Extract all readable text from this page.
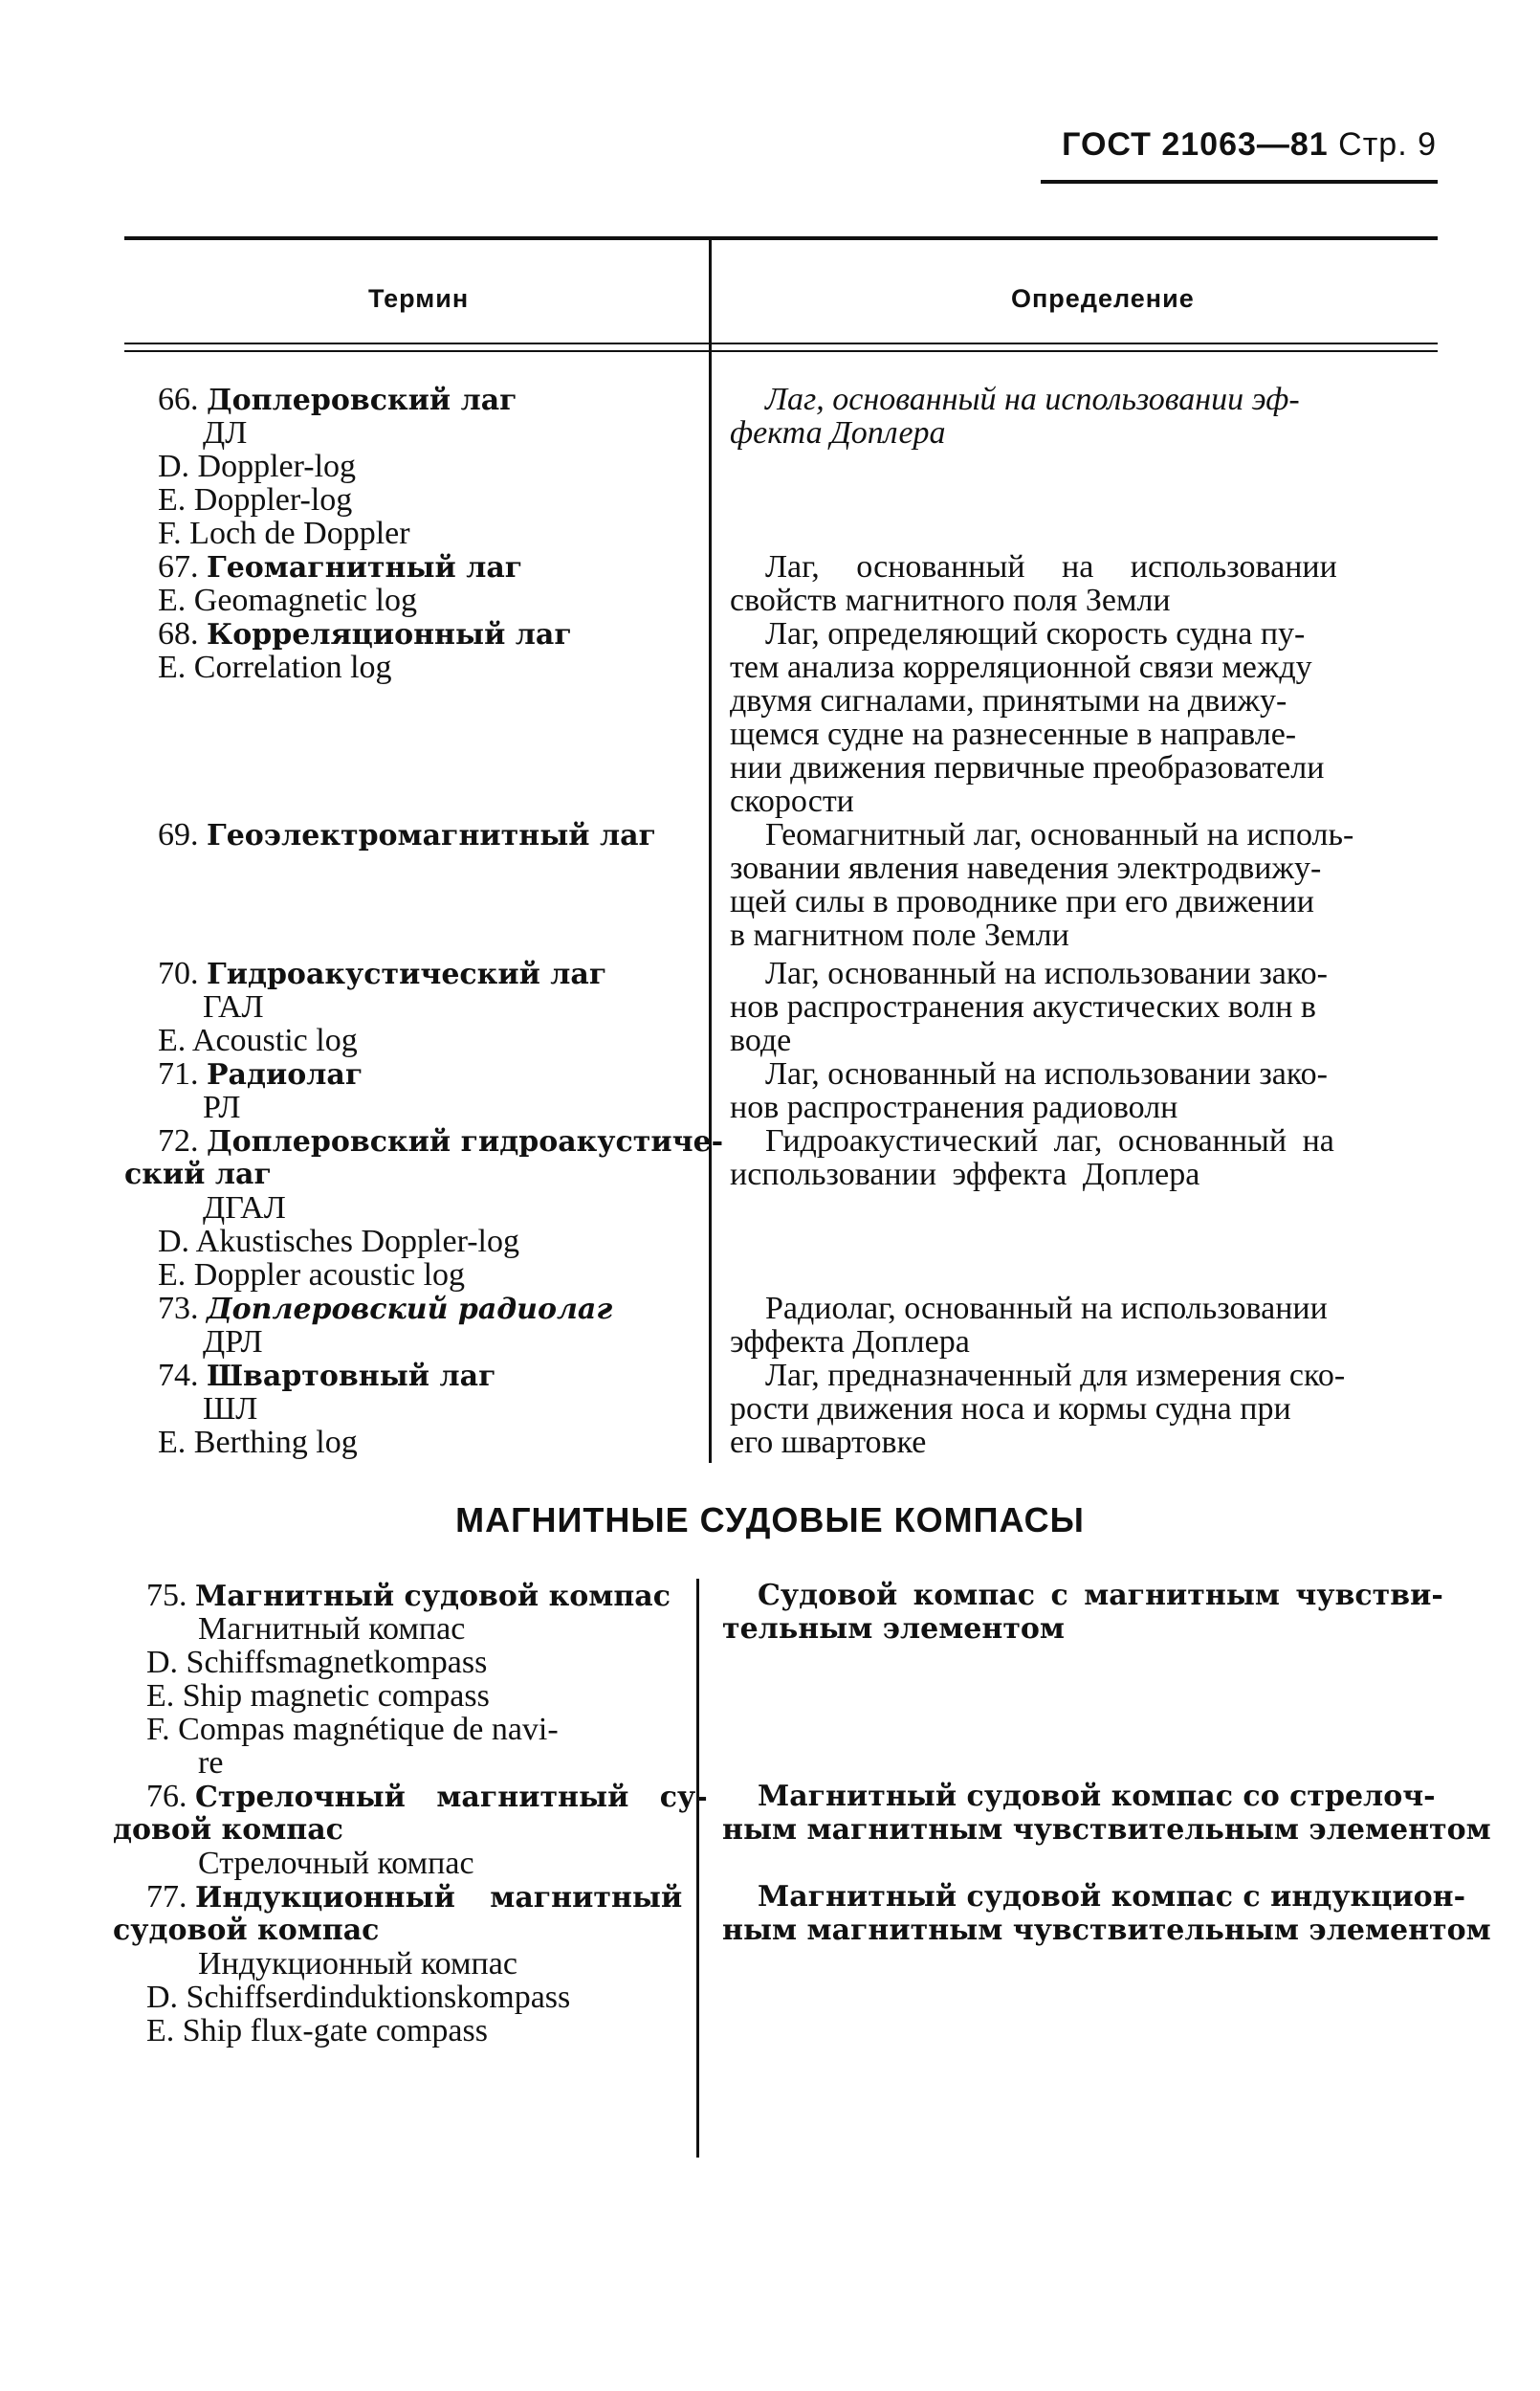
ГОСТ 21063—81 Стр. 9
Термин	Определение
66. Доплеровский лаг
ДЛ
D. Doppler-log
E. Doppler-log
F. Loch de Doppler
67. Геомагнитный лаг
E. Geomagnetic log
68. Корреляционный лаг
E. Correlation log
69. Геоэлектромагнитный лаг
70. Гидроакустический лаг
ГАЛ
E. Acoustic log
71. Радиолаг
РЛ
72. Доплеровский гидроакустиче-
ский лаг
ДГАЛ
D. Akustisches Doppler-log
E. Doppler acoustic log
73. Доплеровский радиолаг
ДРЛ
74. Швартовный лаг
ШЛ
E. Berthing log
Лаг, основанный на использовании эф-
фекта Доплера
Лаг, основанный на использовании
свойств магнитного поля Земли
Лаг, определяющий скорость судна пу-
тем анализа корреляционной связи между
двумя сигналами, принятыми на движу-
щемся судне на разнесенные в направле-
нии движения первичные преобразователи
скорости
Геомагнитный лаг, основанный на исполь-
зовании явления наведения электродвижу-
щей силы в проводнике при его движении
в магнитном поле Земли
Лаг, основанный на использовании зако-
нов распространения акустических волн в
воде
Лаг, основанный на использовании зако-
нов распространения радиоволн
Гидроакустический лаг, основанный на
использовании эффекта Доплера
Радиолаг, основанный на использовании
эффекта Доплера
Лаг, предназначенный для измерения ско-
рости движения носа и кормы судна при
его швартовке
МАГНИТНЫЕ СУДОВЫЕ КОМПАСЫ
75. Магнитный судовой компас
Магнитный компас
D. Schiffsmagnetkompass
E. Ship magnetic compass
F. Compas magnétique de navi-
re
76. Стрелочный магнитный су-
довой компас
Стрелочный компас
77. Индукционный магнитный
судовой компас
Индукционный компас
D. Schiffserdinduktionskompass
E. Ship flux-gate compass
Судовой компас с магнитным чувстви-
тельным элементом
Магнитный судовой компас со стрелоч-
ным магнитным чувствительным элементом
Магнитный судовой компас с индукцион-
ным магнитным чувствительным элементом
